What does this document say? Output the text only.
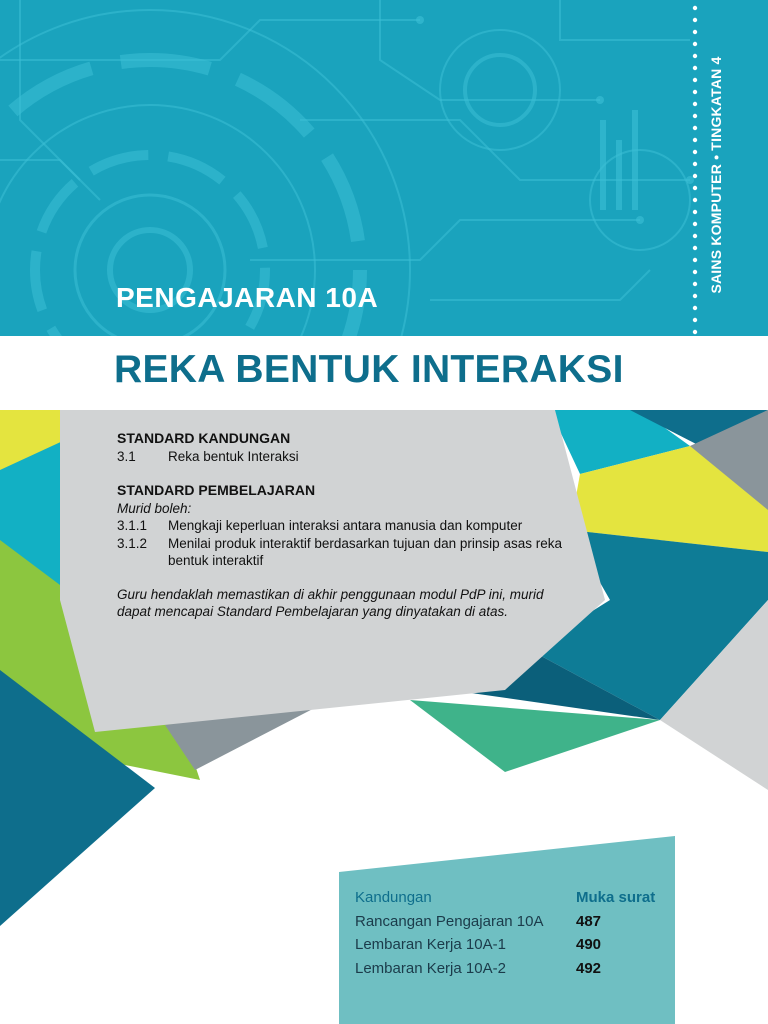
PENGAJARAN 10A
SAINS KOMPUTER • TINGKATAN 4
REKA BENTUK INTERAKSI
STANDARD KANDUNGAN
3.1	Reka bentuk Interaksi
STANDARD PEMBELAJARAN
Murid boleh:
3.1.1	Mengkaji keperluan interaksi antara manusia dan komputer
3.1.2	Menilai produk interaktif berdasarkan tujuan dan prinsip asas reka bentuk interaktif
Guru hendaklah memastikan di akhir penggunaan modul PdP ini, murid dapat mencapai Standard Pembelajaran yang dinyatakan di atas.
Kandungan	Muka surat
Rancangan Pengajaran 10A	487
Lembaran Kerja 10A-1	490
Lembaran Kerja 10A-2	492
